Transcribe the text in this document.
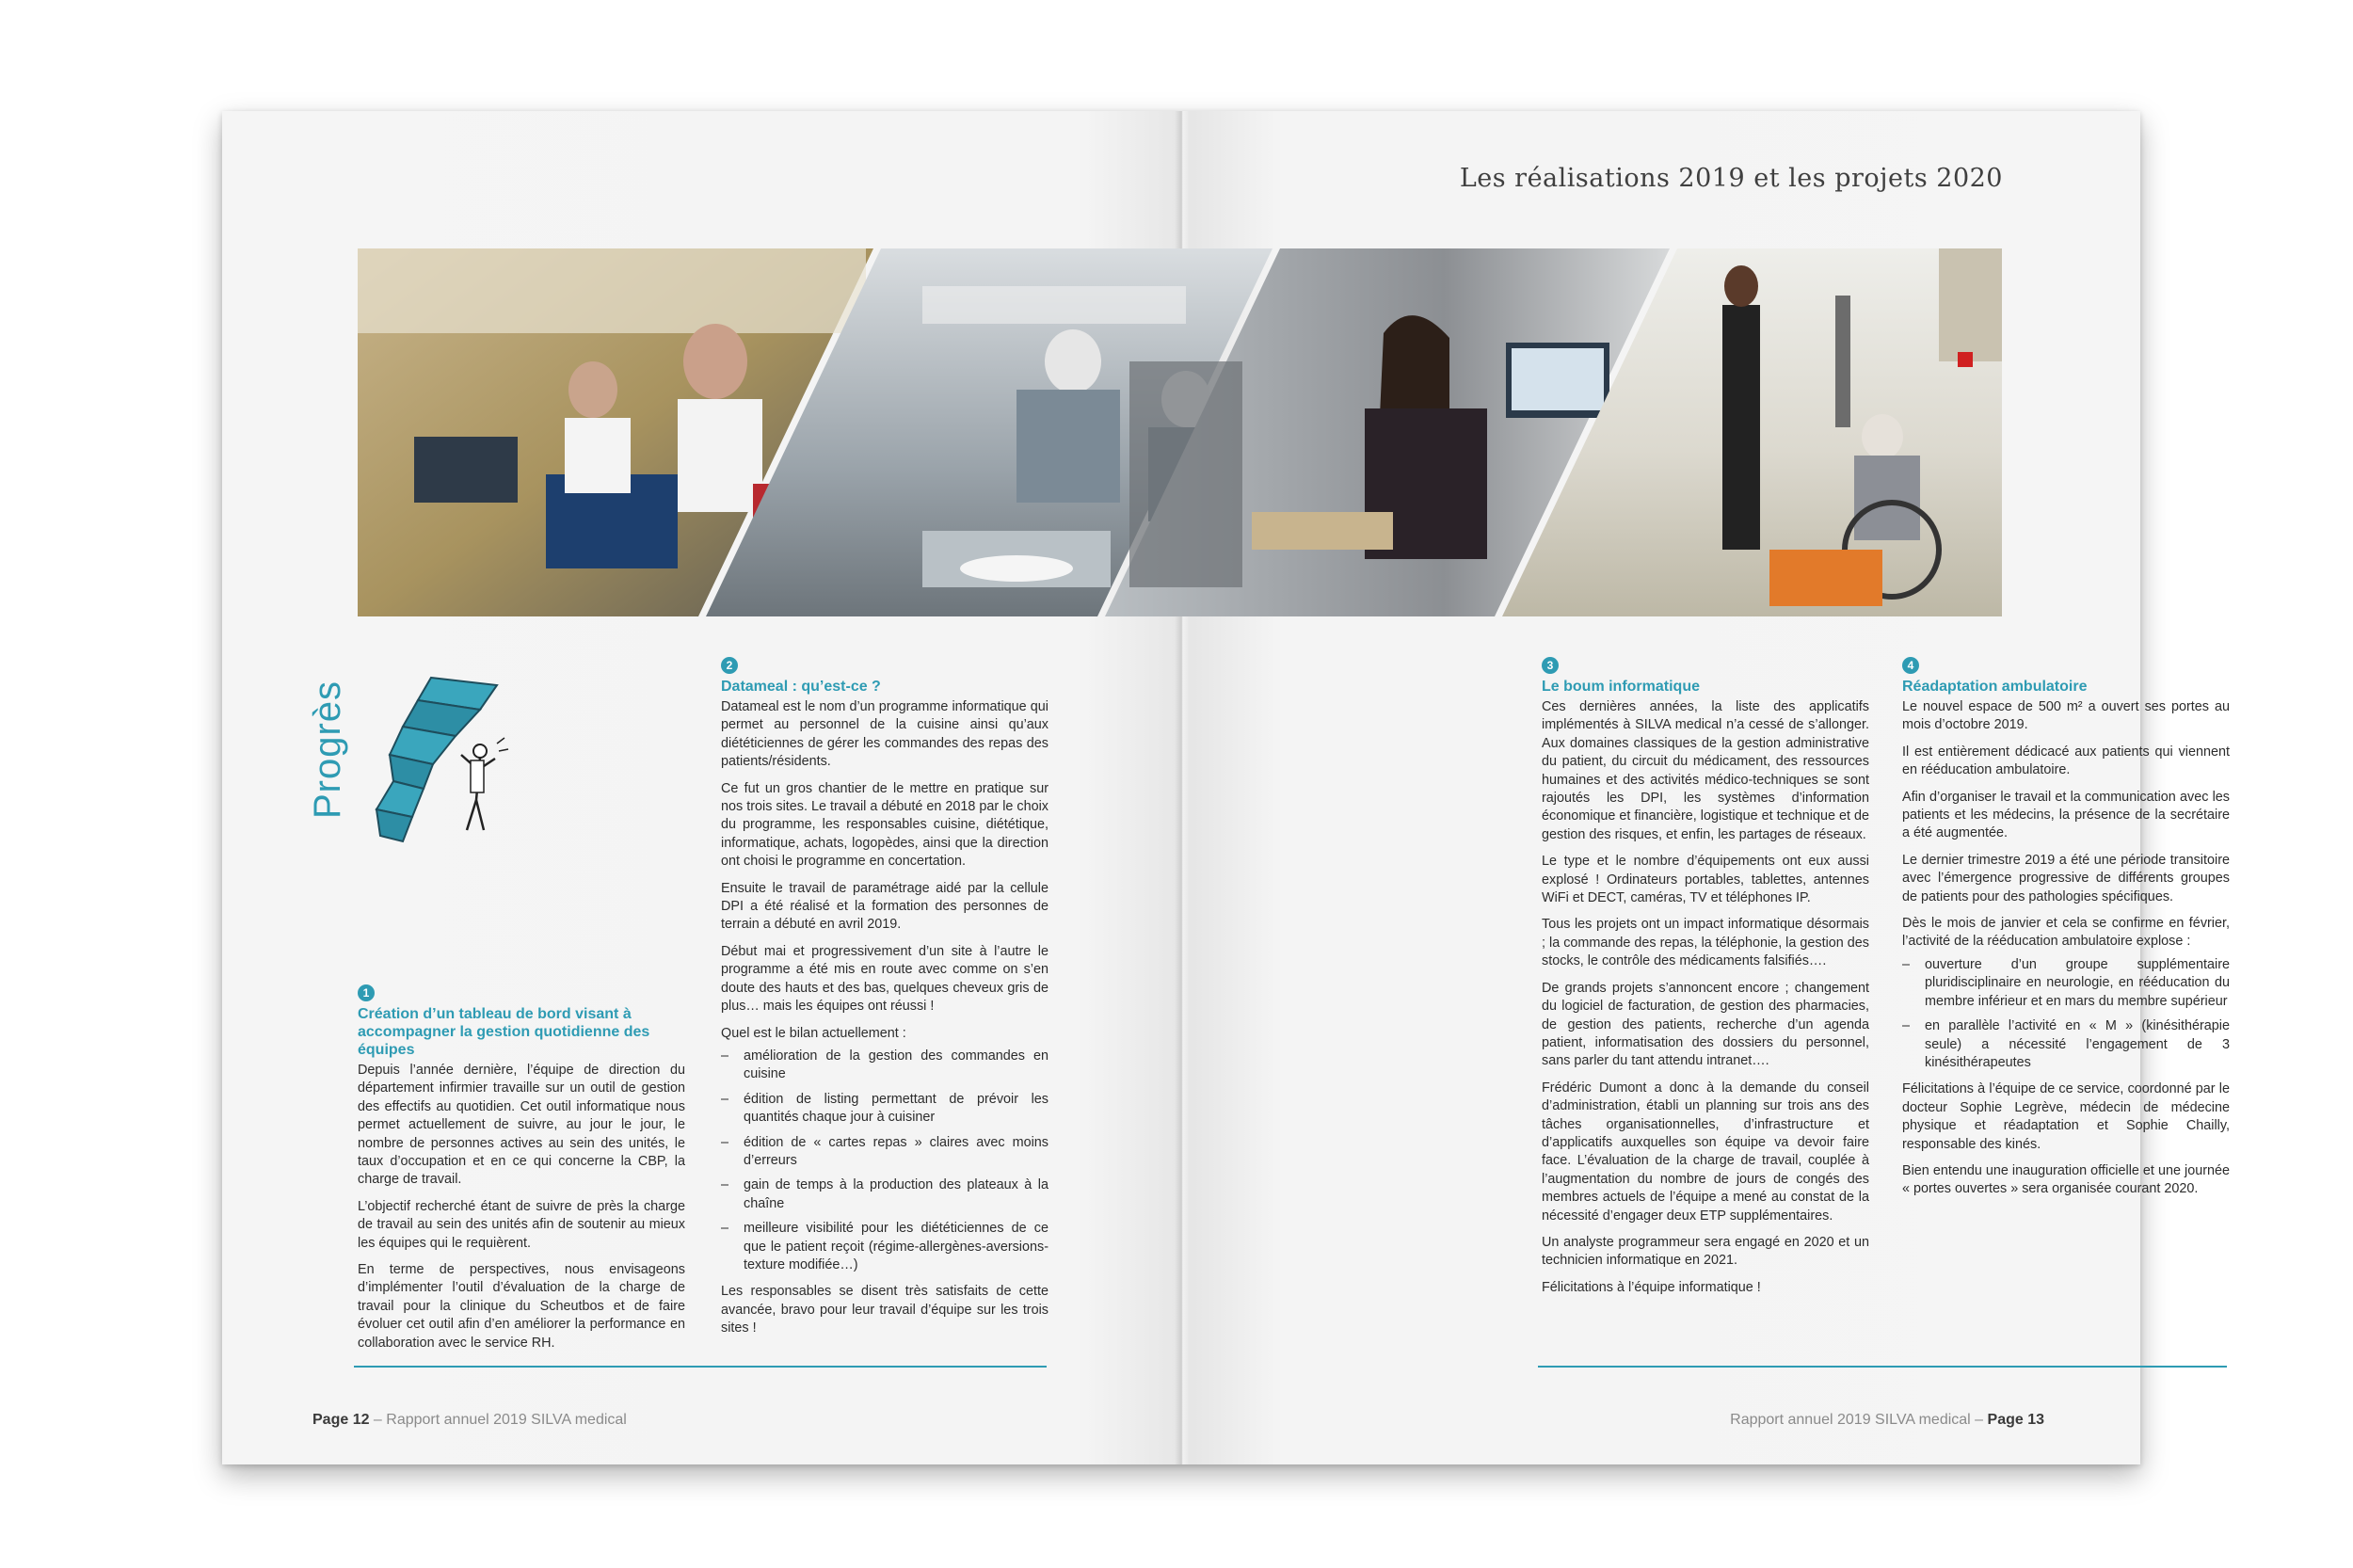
Progrès
1
Création d’un tableau de bord visant à accompagner la gestion quotidienne des équipes

Depuis l’année dernière, l’équipe de direction du département infirmier travaille sur un outil de gestion des effectifs au quotidien. Cet outil informatique nous permet actuellement de suivre, au jour le jour, le nombre de personnes actives au sein des unités, le taux d’occupation et en ce qui concerne la CBP, la charge de travail.

L’objectif recherché étant de suivre de près la charge de travail au sein des unités afin de soutenir au mieux les équipes qui le requièrent.

En terme de perspectives, nous envisageons d’implémenter l’outil d’évaluation de la charge de travail pour la clinique du Scheutbos et de faire évoluer cet outil afin d’en améliorer la performance en collaboration avec le service RH.

2
Datameal : qu’est-ce ?

Datameal est le nom d’un programme informatique qui permet au personnel de la cuisine ainsi qu’aux diététiciennes de gérer les commandes des repas des patients/résidents.

Ce fut un gros chantier de le mettre en pratique sur nos trois sites. Le travail a débuté en 2018 par le choix du programme, les responsables cuisine, diététique, informatique, achats, logopèdes, ainsi que la direction ont choisi le programme en concertation.

Ensuite le travail de paramétrage aidé par la cellule DPI a été réalisé et la formation des personnes de terrain a débuté en avril 2019.

Début mai et progressivement d’un site à l’autre le programme a été mis en route avec comme on s’en doute des hauts et des bas, quelques cheveux gris de plus… mais les équipes ont réussi !

Quel est le bilan actuellement :

– amélioration de la gestion des commandes en cuisine
– édition de listing permettant de prévoir les quantités chaque jour à cuisiner
– édition de « cartes repas » claires avec moins d’erreurs
– gain de temps à la production des plateaux à la chaîne
– meilleure visibilité pour les diététiciennes de ce que le patient reçoit (régime-allergènes-aversions- texture modifiée…)

Les responsables se disent très satisfaits de cette avancée, bravo pour leur travail d’équipe sur les trois sites !

Page 12 – Rapport annuel 2019 SILVA medical
Les réalisations 2019 et les projets 2020
3
Le boum informatique

Ces dernières années, la liste des applicatifs implémentés à SILVA medical n’a cessé de s’allonger. Aux domaines classiques de la gestion administrative du patient, du circuit du médicament, des ressources humaines et des activités médico-techniques se sont rajoutés les DPI, les systèmes d’information économique et financière, logistique et technique et de gestion des risques, et enfin, les partages de réseaux.

Le type et le nombre d’équipements ont eux aussi explosé ! Ordinateurs portables, tablettes, antennes WiFi et DECT, caméras, TV et téléphones IP.

Tous les projets ont un impact informatique désormais ; la commande des repas, la téléphonie, la gestion des stocks, le contrôle des médicaments falsifiés….

De grands projets s’annoncent encore ; changement du logiciel de facturation, de gestion des pharmacies, de gestion des patients, recherche d’un agenda patient, informatisation des dossiers du personnel, sans parler du tant attendu intranet….

Frédéric Dumont a donc à la demande du conseil d’administration, établi un planning sur trois ans des tâches organisationnelles, d’infrastructure et d’applicatifs auxquelles son équipe va devoir faire face. L’évaluation de la charge de travail, couplée à l’augmentation du nombre de jours de congés des membres actuels de l’équipe a mené au constat de la nécessité d’engager deux ETP supplémentaires.

Un analyste programmeur sera engagé en 2020 et un technicien informatique en 2021.

Félicitations à l’équipe informatique !

4
Réadaptation ambulatoire

Le nouvel espace de 500 m² a ouvert ses portes au mois d’octobre 2019.

Il est entièrement dédicacé aux patients qui viennent en rééducation ambulatoire.

Afin d’organiser le travail et la communication avec les patients et les médecins, la présence de la secrétaire a été augmentée.

Le dernier trimestre 2019 a été une période transitoire avec l’émergence progressive de différents groupes de patients pour des pathologies spécifiques.

Dès le mois de janvier et cela se confirme en février, l’activité de la rééducation ambulatoire explose :

– ouverture d’un groupe supplémentaire pluridisciplinaire en neurologie, en rééducation du membre inférieur et en mars du membre supérieur
– en parallèle l’activité en « M » (kinésithérapie seule) a nécessité l’engagement de 3 kinésithérapeutes

Félicitations à l’équipe de ce service, coordonné par le docteur Sophie Legrève, médecin de médecine physique et réadaptation et Sophie Chailly, responsable des kinés.

Bien entendu une inauguration officielle et une journée « portes ouvertes » sera organisée courant 2020.

Rapport annuel 2019 SILVA medical – Page 13
